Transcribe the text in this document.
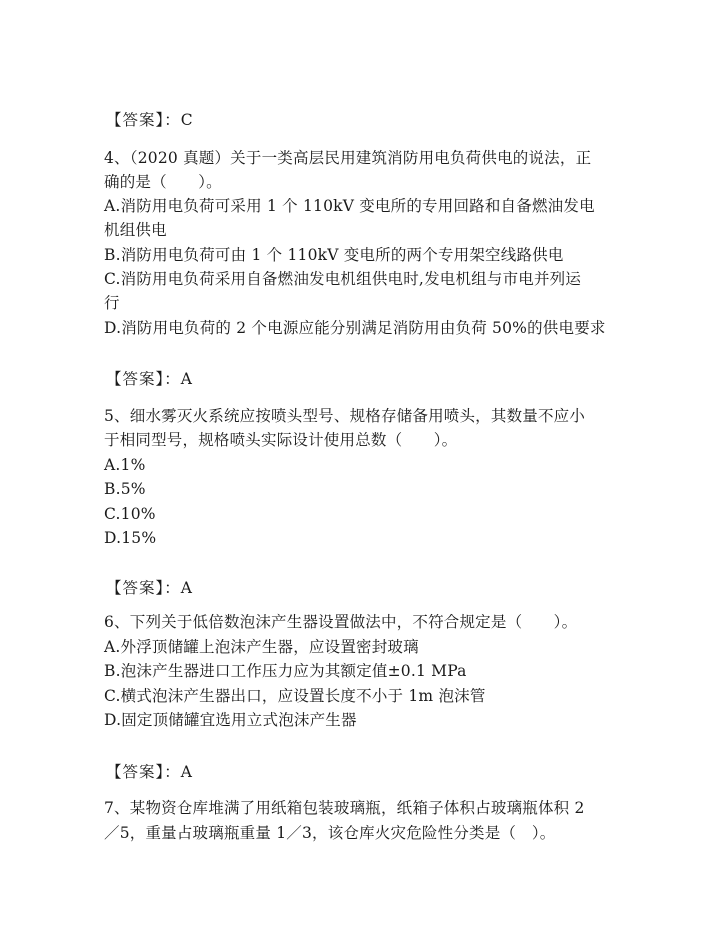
【答案】：C
4、（2020 真题）关于一类高层民用建筑消防用电负荷供电的说法，正
确的是（　　）。
A.消防用电负荷可采用 1 个 110kV 变电所的专用回路和自备燃油发电
机组供电
B.消防用电负荷可由 1 个 110kV 变电所的两个专用架空线路供电
C.消防用电负荷采用自备燃油发电机组供电时,发电机组与市电并列运
行
D.消防用电负荷的 2 个电源应能分别满足消防用由负荷 50%的供电要求
【答案】：A
5、细水雾灭火系统应按喷头型号、规格存储备用喷头，其数量不应小
于相同型号，规格喷头实际设计使用总数（　　）。
A.1%
B.5%
C.10%
D.15%
【答案】：A
6、下列关于低倍数泡沫产生器设置做法中，不符合规定是（　　）。
A.外浮顶储罐上泡沫产生器，应设置密封玻璃
B.泡沫产生器进口工作压力应为其额定值±0.1 MPa
C.横式泡沫产生器出口，应设置长度不小于 1m 泡沫管
D.固定顶储罐宜选用立式泡沫产生器
【答案】：A
7、某物资仓库堆满了用纸箱包装玻璃瓶，纸箱子体积占玻璃瓶体积 2
／5，重量占玻璃瓶重量 1／3，该仓库火灾危险性分类是（　）。
